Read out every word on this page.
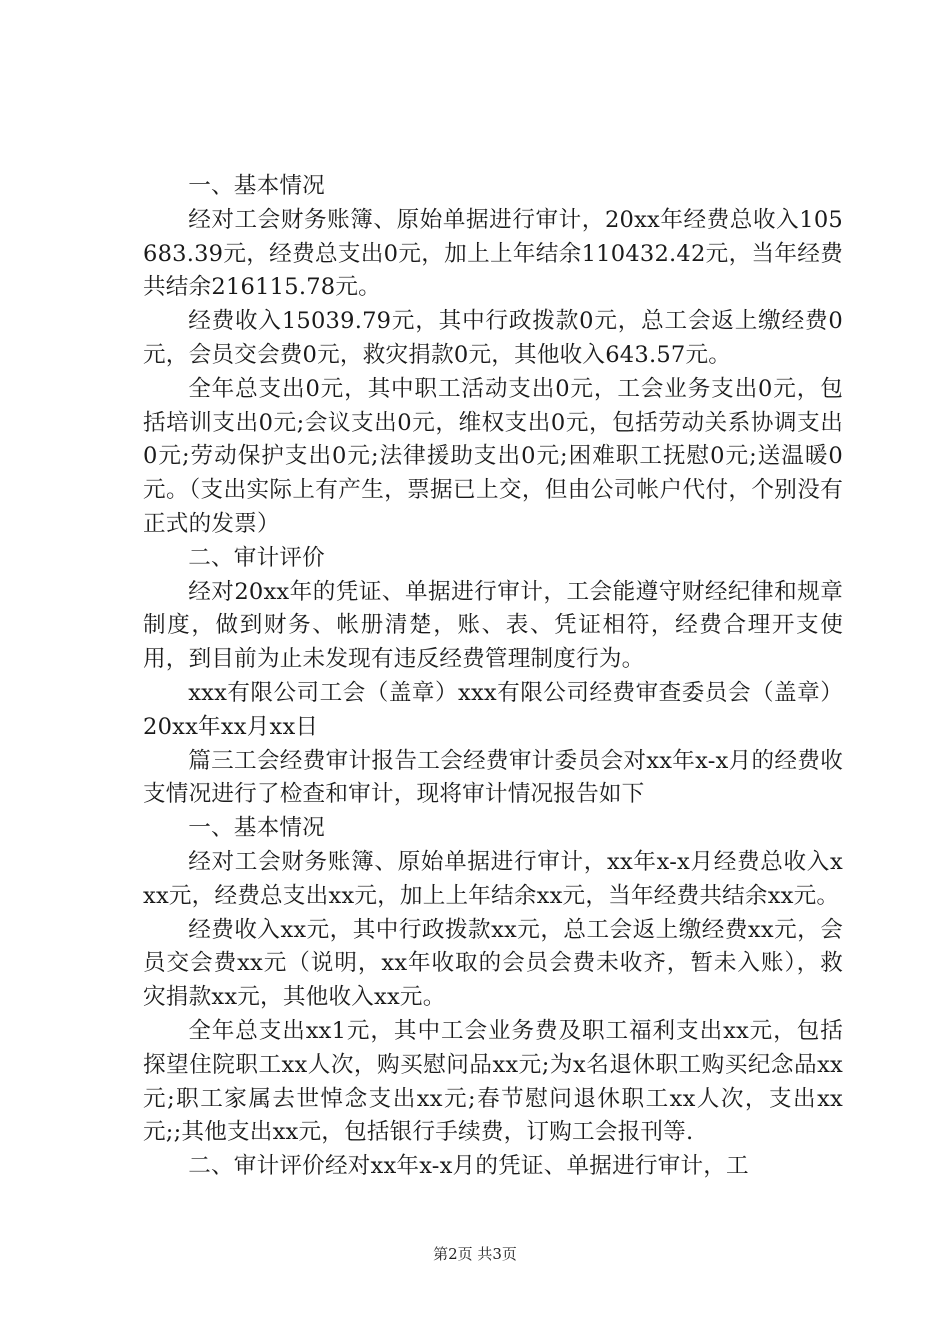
一、基本情况

经对工会财务账簿、原始单据进行审计，20xx年经费总收入105683.39元，经费总支出0元，加上上年结余110432.42元，当年经费共结余216115.78元。

经费收入15039.79元，其中行政拨款0元，总工会返上缴经费0元，会员交会费0元，救灾捐款0元，其他收入643.57元。

全年总支出0元，其中职工活动支出0元，工会业务支出0元，包括培训支出0元;会议支出0元，维权支出0元，包括劳动关系协调支出0元;劳动保护支出0元;法律援助支出0元;困难职工抚慰0元;送温暖0元。（支出实际上有产生，票据已上交，但由公司帐户代付，个别没有正式的发票）

二、审计评价

经对20xx年的凭证、单据进行审计，工会能遵守财经纪律和规章制度，做到财务、帐册清楚，账、表、凭证相符，经费合理开支使用，到目前为止未发现有违反经费管理制度行为。

xxx有限公司工会（盖章）xxx有限公司经费审查委员会（盖章）20xx年xx月xx日

篇三工会经费审计报告工会经费审计委员会对xx年x-x月的经费收支情况进行了检查和审计，现将审计情况报告如下

一、基本情况

经对工会财务账簿、原始单据进行审计，xx年x-x月经费总收入xxx元，经费总支出xx元，加上上年结余xx元，当年经费共结余xx元。

经费收入xx元，其中行政拨款xx元，总工会返上缴经费xx元，会员交会费xx元（说明，xx年收取的会员会费未收齐，暂未入账），救灾捐款xx元，其他收入xx元。

全年总支出xx1元，其中工会业务费及职工福利支出xx元，包括探望住院职工xx人次，购买慰问品xx元;为x名退休职工购买纪念品xx元;职工家属去世悼念支出xx元;春节慰问退休职工xx人次，支出xx元;;其他支出xx元，包括银行手续费，订购工会报刊等.

二、审计评价经对xx年x-x月的凭证、单据进行审计，工

第2页 共3页
